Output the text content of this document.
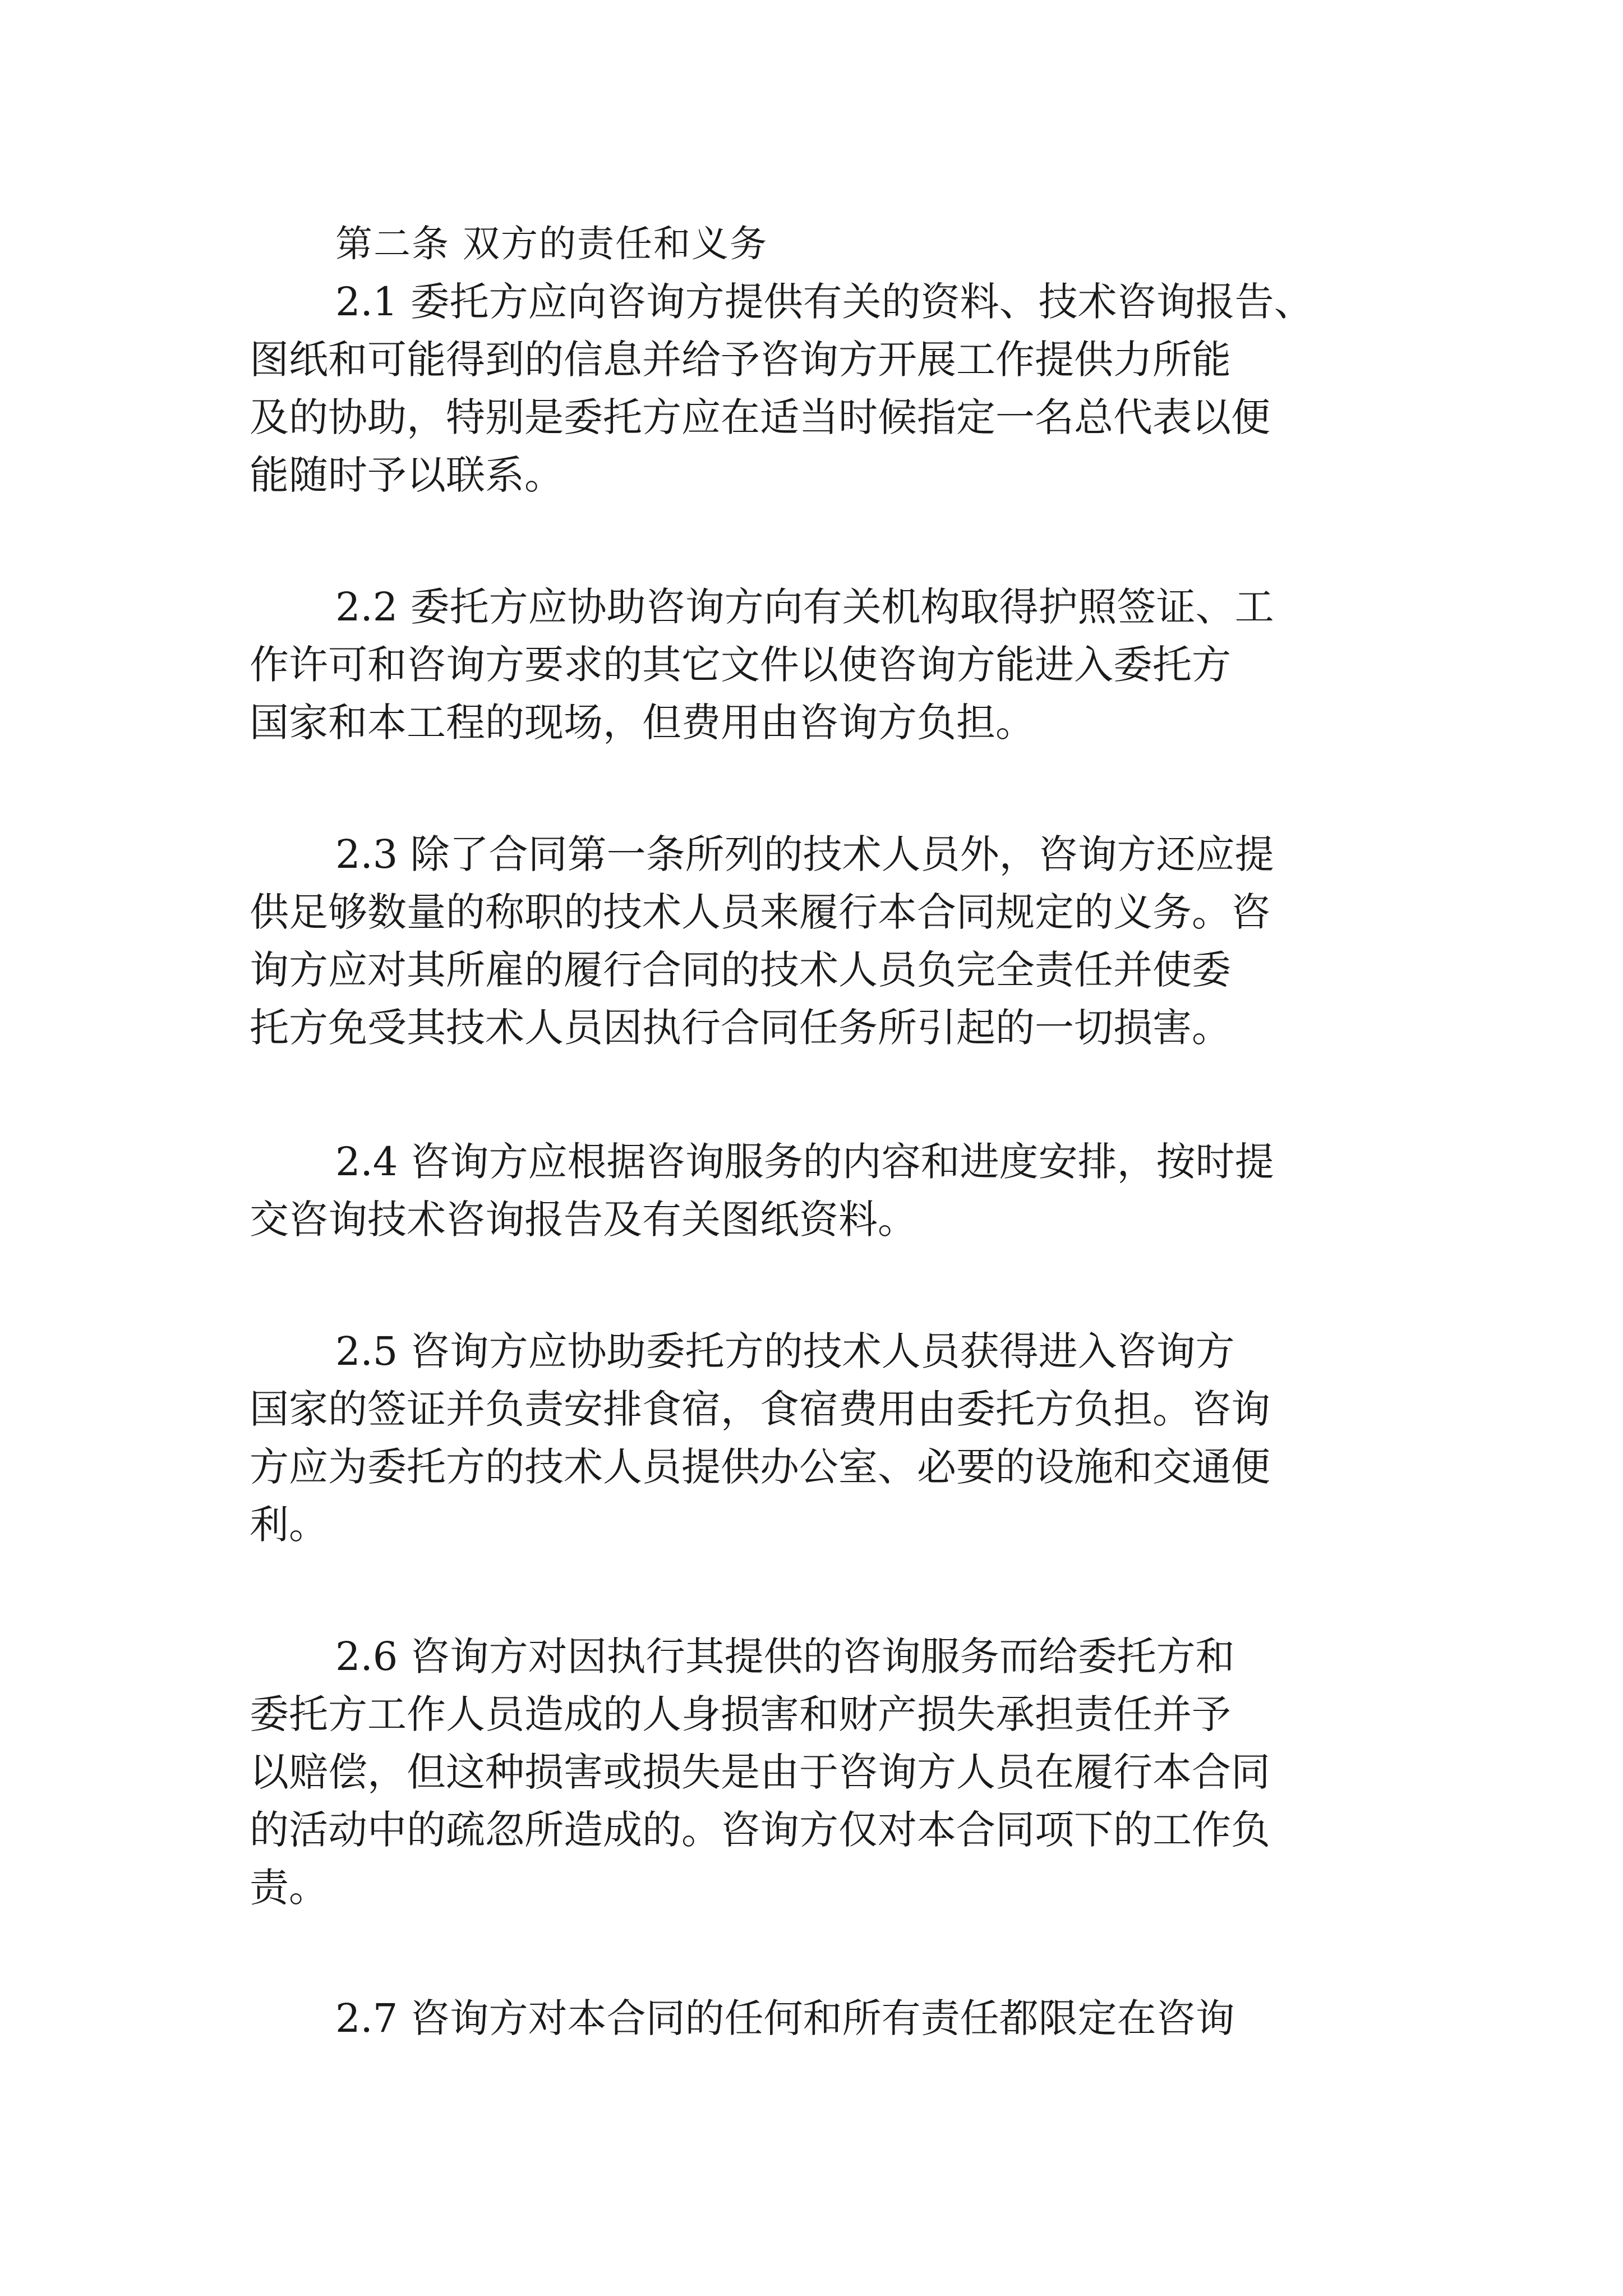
第二条 双方的责任和义务
2.1 委托方应向咨询方提供有关的资料、技术咨询报告、
图纸和可能得到的信息并给予咨询方开展工作提供力所能
及的协助，特别是委托方应在适当时候指定一名总代表以便
能随时予以联系。
2.2 委托方应协助咨询方向有关机构取得护照签证、工
作许可和咨询方要求的其它文件以使咨询方能进入委托方
国家和本工程的现场，但费用由咨询方负担。
2.3 除了合同第一条所列的技术人员外，咨询方还应提
供足够数量的称职的技术人员来履行本合同规定的义务。咨
询方应对其所雇的履行合同的技术人员负完全责任并使委
托方免受其技术人员因执行合同任务所引起的一切损害。
2.4 咨询方应根据咨询服务的内容和进度安排，按时提
交咨询技术咨询报告及有关图纸资料。
2.5 咨询方应协助委托方的技术人员获得进入咨询方
国家的签证并负责安排食宿，食宿费用由委托方负担。咨询
方应为委托方的技术人员提供办公室、必要的设施和交通便
利。
2.6 咨询方对因执行其提供的咨询服务而给委托方和
委托方工作人员造成的人身损害和财产损失承担责任并予
以赔偿，但这种损害或损失是由于咨询方人员在履行本合同
的活动中的疏忽所造成的。咨询方仅对本合同项下的工作负
责。
2.7 咨询方对本合同的任何和所有责任都限定在咨询
